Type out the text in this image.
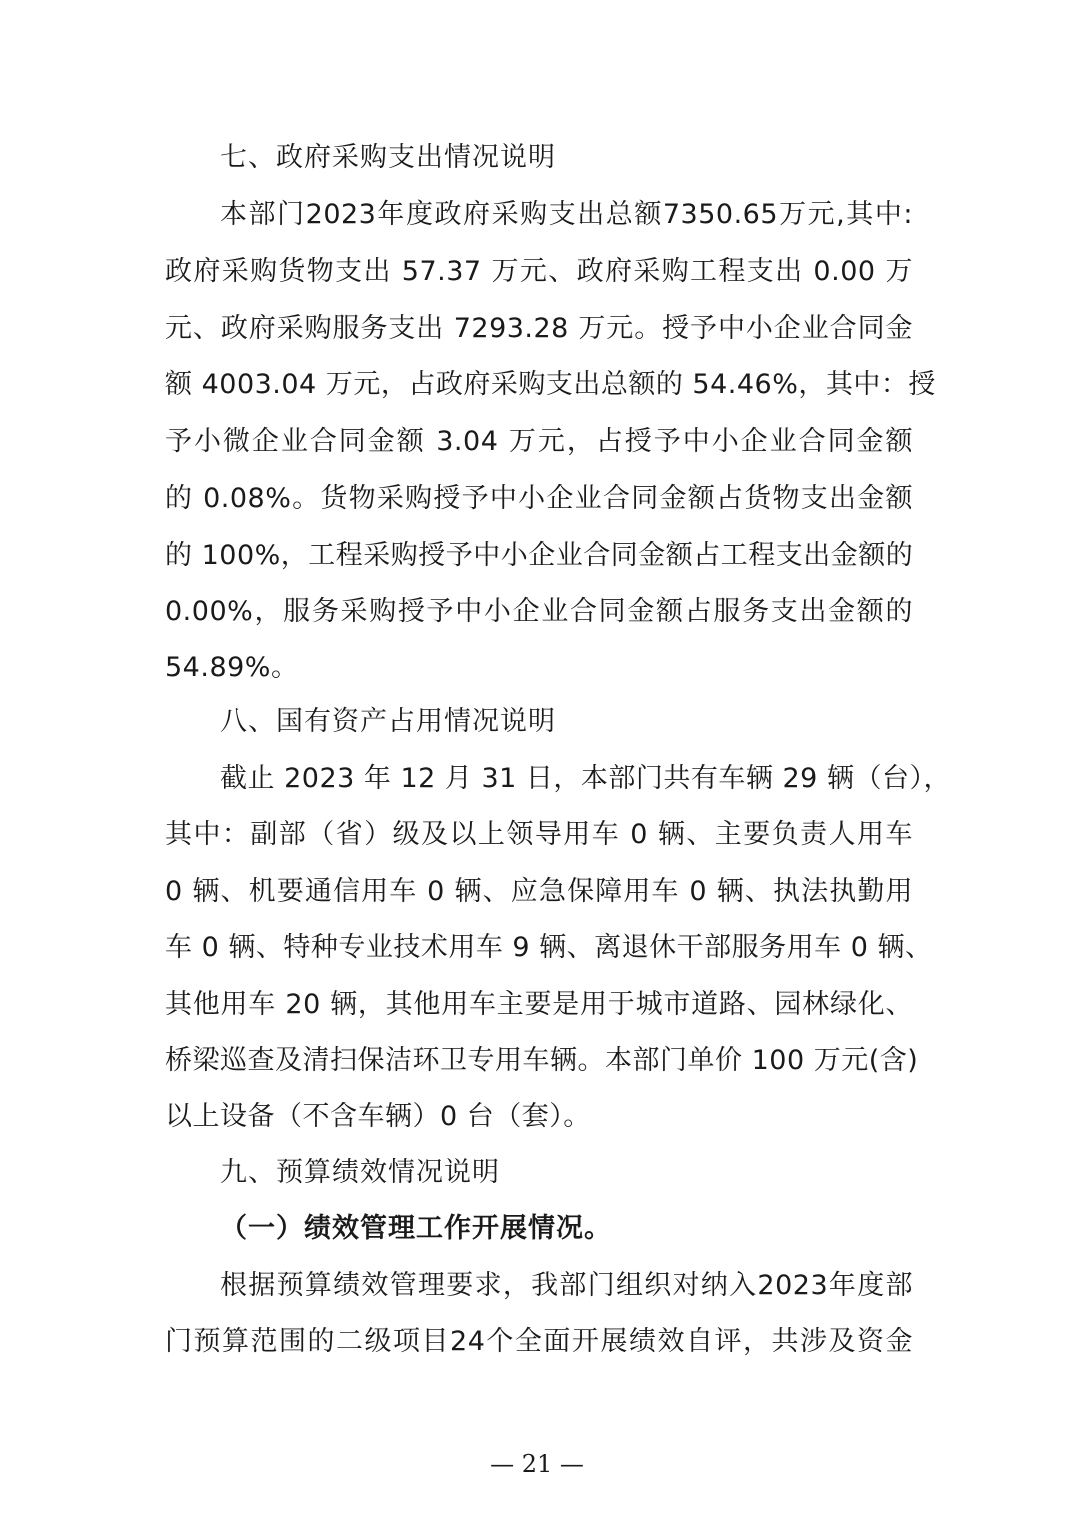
七、政府采购支出情况说明
本部门2023年度政府采购支出总额7350.65万元,其中:
政府采购货物支出 57.37 万元、政府采购工程支出 0.00 万
元、政府采购服务支出 7293.28 万元。授予中小企业合同金
额 4003.04 万元，占政府采购支出总额的 54.46%，其中：授
予小微企业合同金额 3.04 万元，占授予中小企业合同金额
的 0.08%。货物采购授予中小企业合同金额占货物支出金额
的 100%，工程采购授予中小企业合同金额占工程支出金额的
0.00%，服务采购授予中小企业合同金额占服务支出金额的
54.89%。
八、国有资产占用情况说明
截止 2023 年 12 月 31 日，本部门共有车辆 29 辆（台），
其中：副部（省）级及以上领导用车 0 辆、主要负责人用车
0 辆、机要通信用车 0 辆、应急保障用车 0 辆、执法执勤用
车 0 辆、特种专业技术用车 9 辆、离退休干部服务用车 0 辆、
其他用车 20 辆，其他用车主要是用于城市道路、园林绿化、
桥梁巡查及清扫保洁环卫专用车辆。本部门单价 100 万元(含)
以上设备（不含车辆）0 台（套）。
九、预算绩效情况说明
（一）绩效管理工作开展情况。
根据预算绩效管理要求，我部门组织对纳入2023年度部
门预算范围的二级项目24个全面开展绩效自评，共涉及资金
— 21 —
